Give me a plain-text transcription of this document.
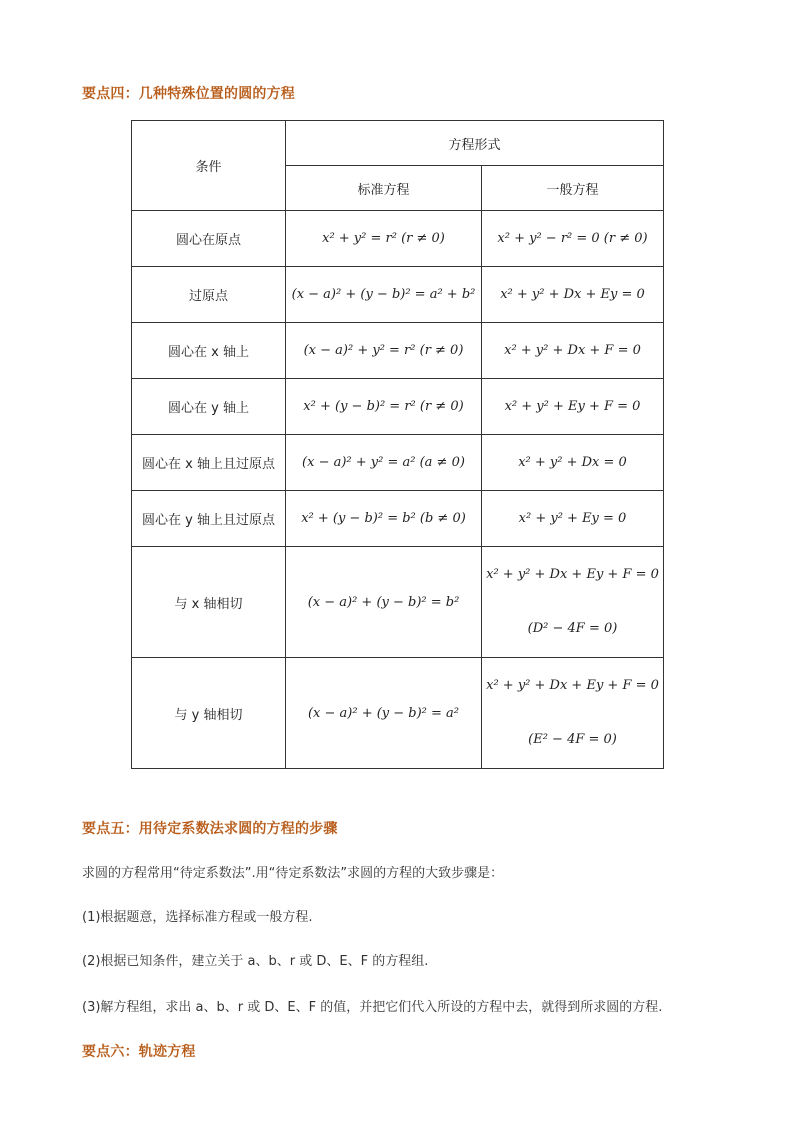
要点四：几种特殊位置的圆的方程
条件	方程形式	
	标准方程	一般方程
圆心在原点	x² + y² = r² (r ≠ 0)	x² + y² − r² = 0 (r ≠ 0)
过原点	(x − a)² + (y − b)² = a² + b²	x² + y² + Dx + Ey = 0
圆心在 x 轴上	(x − a)² + y² = r² (r ≠ 0)	x² + y² + Dx + F = 0
圆心在 y 轴上	x² + (y − b)² = r² (r ≠ 0)	x² + y² + Ey + F = 0
圆心在 x 轴上且过原点	(x − a)² + y² = a² (a ≠ 0)	x² + y² + Dx = 0
圆心在 y 轴上且过原点	x² + (y − b)² = b² (b ≠ 0)	x² + y² + Ey = 0
与 x 轴相切	(x − a)² + (y − b)² = b²	x² + y² + Dx + Ey + F = 0
(D² − 4F = 0)

与 y 轴相切	(x − a)² + (y − b)² = a²	x² + y² + Dx + Ey + F = 0
(E² − 4F = 0)
要点五：用待定系数法求圆的方程的步骤
求圆的方程常用“待定系数法”.用“待定系数法”求圆的方程的大致步骤是：
(1)根据题意，选择标准方程或一般方程.
(2)根据已知条件，建立关于 a、b、r 或 D、E、F 的方程组.
(3)解方程组，求出 a、b、r 或 D、E、F 的值，并把它们代入所设的方程中去，就得到所求圆的方程.
要点六：轨迹方程
